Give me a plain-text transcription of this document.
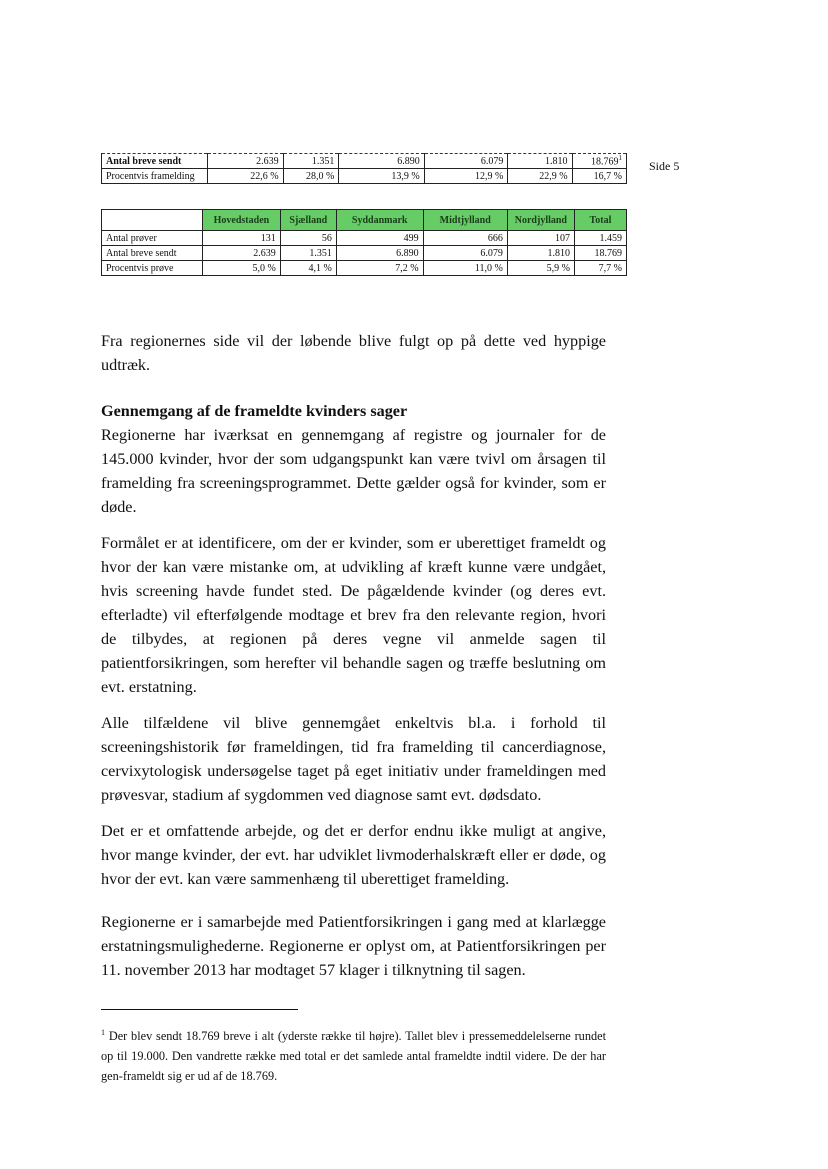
Side 5
Antal breve sendt	2.639	1.351	6.890	6.079	1.810	18.769$^1$
Procentvis framelding	22,6 %	28,0 %	13,9 %	12,9 %	22,9 %	16,7 %
	Hovedstaden	Sjælland	Syddanmark	Midtjylland	Nordjylland	Total
Antal prøver	131	56	499	666	107	1.459
Antal breve sendt	2.639	1.351	6.890	6.079	1.810	18.769
Procentvis prøve	5,0 %	4,1 %	7,2 %	11,0 %	5,9 %	7,7 %

Fra regionernes side vil der løbende blive fulgt op på dette ved hyppige udtræk.

Gennemgang af de frameldte kvinders sager
Regionerne har iværksat en gennemgang af registre og journaler for de 145.000 kvinder, hvor der som udgangspunkt kan være tvivl om årsagen til framelding fra screeningsprogrammet. Dette gælder også for kvinder, som er døde.

Formålet er at identificere, om der er kvinder, som er uberettiget frameldt og hvor der kan være mistanke om, at udvikling af kræft kunne være undgået, hvis screening havde fundet sted. De pågældende kvinder (og deres evt. efterladte) vil efterfølgende modtage et brev fra den relevante region, hvori de tilbydes, at regionen på deres vegne vil anmelde sagen til patientforsikringen, som herefter vil behandle sagen og træffe beslutning om evt. erstatning.

Alle tilfældene vil blive gennemgået enkeltvis bl.a. i forhold til screeningshistorik før frameldingen, tid fra framelding til cancerdiagnose, cervixytologisk undersøgelse taget på eget initiativ under frameldingen med prøvesvar, stadium af sygdommen ved diagnose samt evt. dødsdato.

Det er et omfattende arbejde, og det er derfor endnu ikke muligt at angive, hvor mange kvinder, der evt. har udviklet livmoderhalskræft eller er døde, og hvor der evt. kan være sammenhæng til uberettiget framelding.

Regionerne er i samarbejde med Patientforsikringen i gang med at klarlægge erstatningsmulighederne. Regionerne er oplyst om, at Patientforsikringen per 11. november 2013 har modtaget 57 klager i tilknytning til sagen.

$^1$ Der blev sendt 18.769 breve i alt (yderste række til højre). Tallet blev i pressemeddelelserne rundet op til 19.000. Den vandrette række med total er det samlede antal frameldte indtil videre. De der har gen-frameldt sig er ud af de 18.769.
